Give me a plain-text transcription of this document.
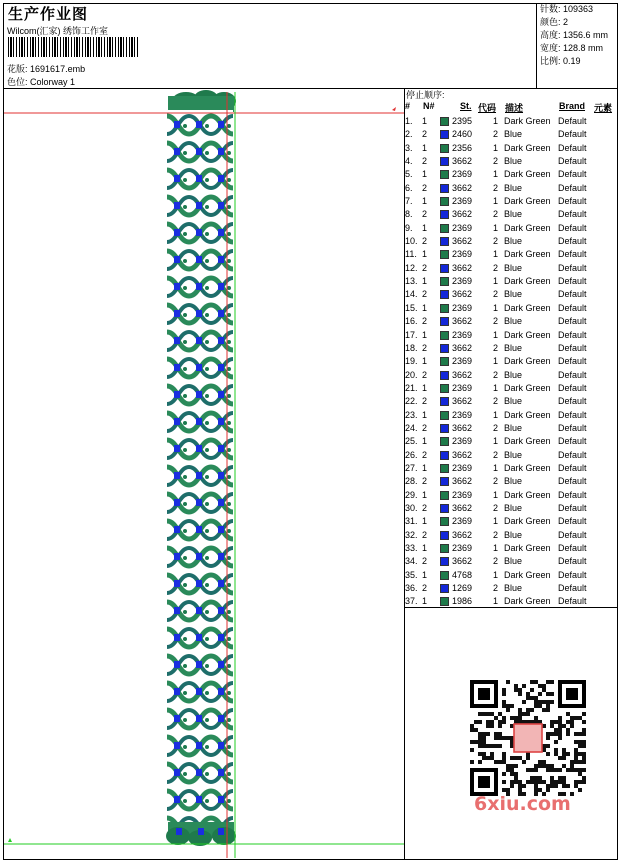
生产作业图
Wilcom(汇家) 绣饰工作室
花版: 1691617.emb
色位: Colorway 1
针数: 109363
颜色: 2
高度: 1356.6 mm
宽度: 128.8 mm
比例: 0.19
停止顺序:
# N#	St. 代码 描述	Brand 元素
1. 1	2395	1 Dark Green Default
2. 2	2460	2 Blue	Default
3. 1	2356	1 Dark Green Default
4. 2	3662	2 Blue	Default
5. 1	2369	1 Dark Green Default
6. 2	3662	2 Blue	Default
7. 1	2369	1 Dark Green Default
8. 2	3662	2 Blue	Default
9. 1	2369	1 Dark Green Default
10. 2	3662	2 Blue	Default
11. 1	2369	1 Dark Green Default
12. 2	3662	2 Blue	Default
13. 1	2369	1 Dark Green Default
14. 2	3662	2 Blue	Default
15. 1	2369	1 Dark Green Default
16. 2	3662	2 Blue	Default
17. 1	2369	1 Dark Green Default
18. 2	3662	2 Blue	Default
19. 1	2369	1 Dark Green Default
20. 2	3662	2 Blue	Default
21. 1	2369	1 Dark Green Default
22. 2	3662	2 Blue	Default
23. 1	2369	1 Dark Green Default
24. 2	3662	2 Blue	Default
25. 1	2369	1 Dark Green Default
26. 2	3662	2 Blue	Default
27. 1	2369	1 Dark Green Default
28. 2	3662	2 Blue	Default
29. 1	2369	1 Dark Green Default
30. 2	3662	2 Blue	Default
31. 1	2369	1 Dark Green Default
32. 2	3662	2 Blue	Default
33. 1	2369	1 Dark Green Default
34. 2	3662	2 Blue	Default
35. 1	4768	1 Dark Green Default
36. 2	1269	2 Blue	Default
37. 1	1986	1 Dark Green Default
6xiu.com
